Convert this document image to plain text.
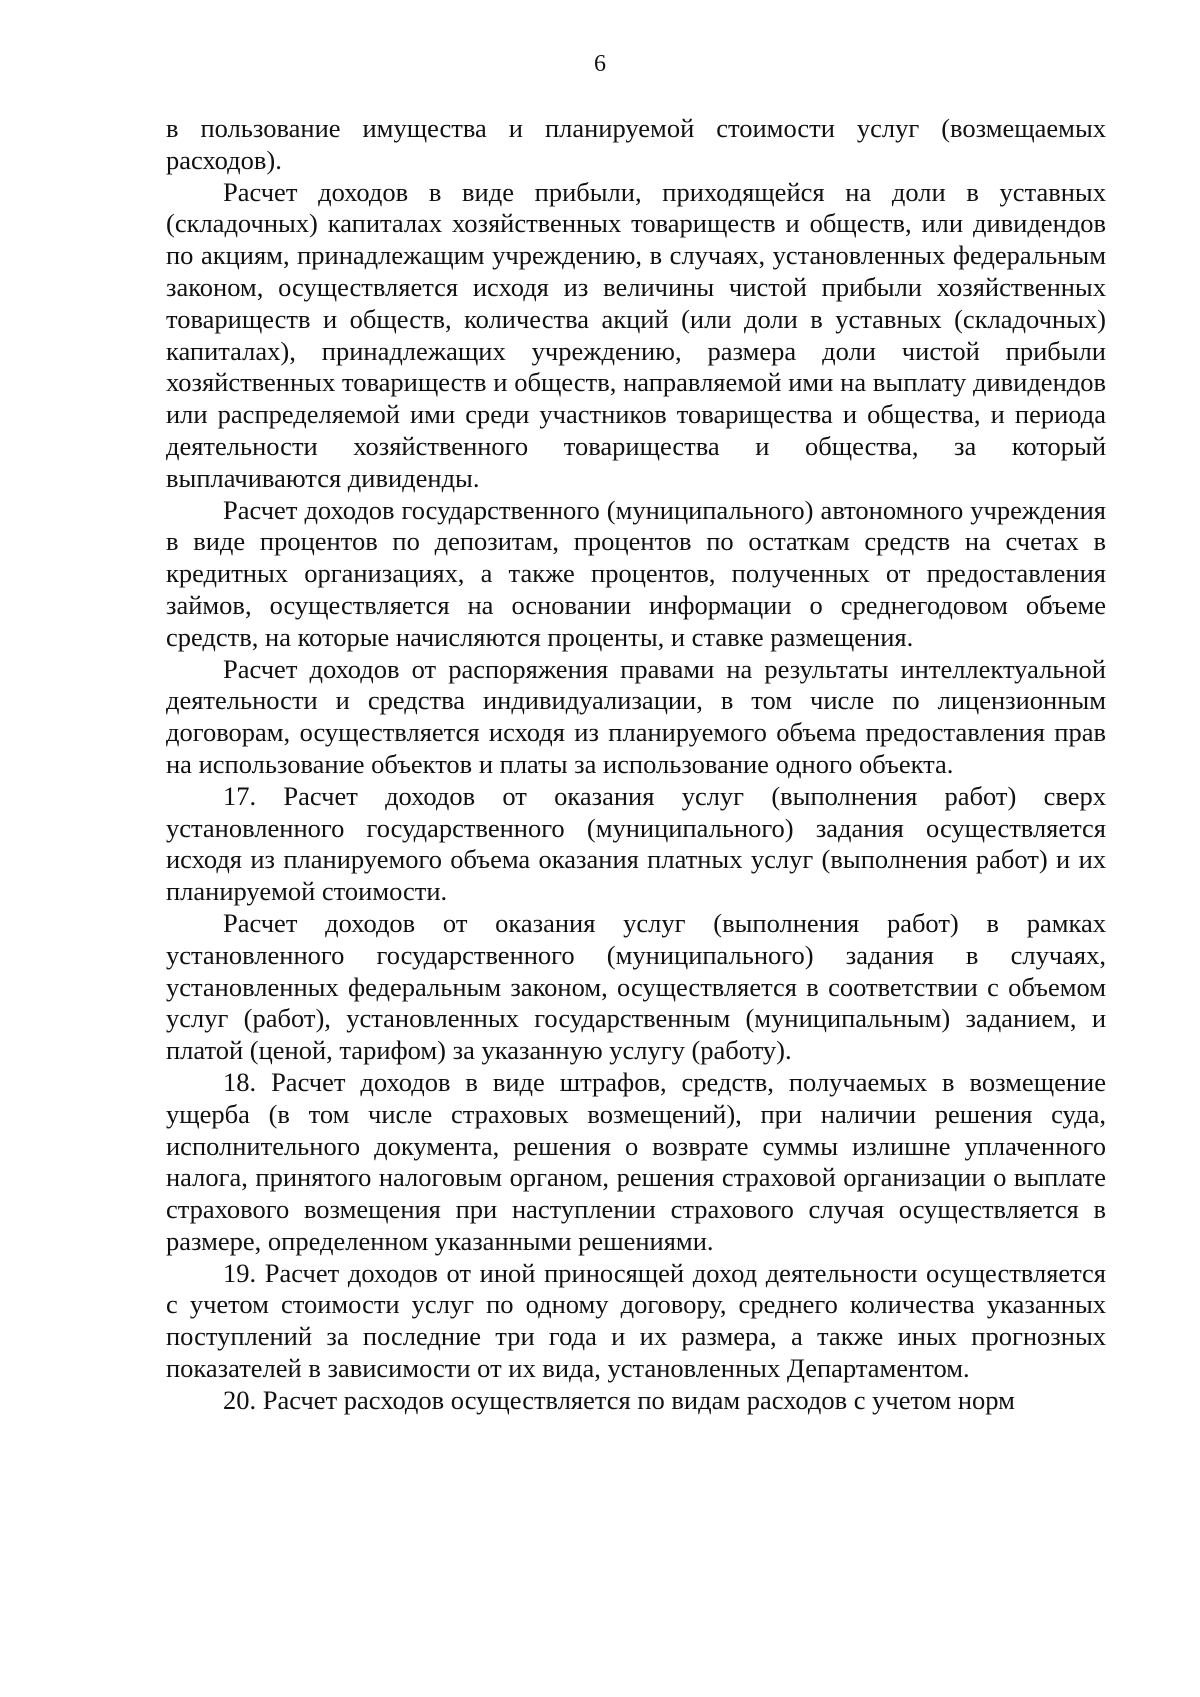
6

в пользование имущества и планируемой стоимости услуг (возмещаемых расходов).

Расчет доходов в виде прибыли, приходящейся на доли в уставных (складочных) капиталах хозяйственных товариществ и обществ, или дивидендов по акциям, принадлежащим учреждению, в случаях, установленных федеральным законом, осуществляется исходя из величины чистой прибыли хозяйственных товариществ и обществ, количества акций (или доли в уставных (складочных) капиталах), принадлежащих учреждению, размера доли чистой прибыли хозяйственных товариществ и обществ, направляемой ими на выплату дивидендов или распределяемой ими среди участников товарищества и общества, и периода деятельности хозяйственного товарищества и общества, за который выплачиваются дивиденды.

Расчет доходов государственного (муниципального) автономного учреждения в виде процентов по депозитам, процентов по остаткам средств на счетах в кредитных организациях, а также процентов, полученных от предоставления займов, осуществляется на основании информации о среднегодовом объеме средств, на которые начисляются проценты, и ставке размещения.

Расчет доходов от распоряжения правами на результаты интеллектуальной деятельности и средства индивидуализации, в том числе по лицензионным договорам, осуществляется исходя из планируемого объема предоставления прав на использование объектов и платы за использование одного объекта.

17. Расчет доходов от оказания услуг (выполнения работ) сверх установленного государственного (муниципального) задания осуществляется исходя из планируемого объема оказания платных услуг (выполнения работ) и их планируемой стоимости.

Расчет доходов от оказания услуг (выполнения работ) в рамках установленного государственного (муниципального) задания в случаях, установленных федеральным законом, осуществляется в соответствии с объемом услуг (работ), установленных государственным (муниципальным) заданием, и платой (ценой, тарифом) за указанную услугу (работу).

18. Расчет доходов в виде штрафов, средств, получаемых в возмещение ущерба (в том числе страховых возмещений), при наличии решения суда, исполнительного документа, решения о возврате суммы излишне уплаченного налога, принятого налоговым органом, решения страховой организации о выплате страхового возмещения при наступлении страхового случая осуществляется в размере, определенном указанными решениями.

19. Расчет доходов от иной приносящей доход деятельности осуществляется с учетом стоимости услуг по одному договору, среднего количества указанных поступлений за последние три года и их размера, а также иных прогнозных показателей в зависимости от их вида, установленных Департаментом.

20. Расчет расходов осуществляется по видам расходов с учетом норм
